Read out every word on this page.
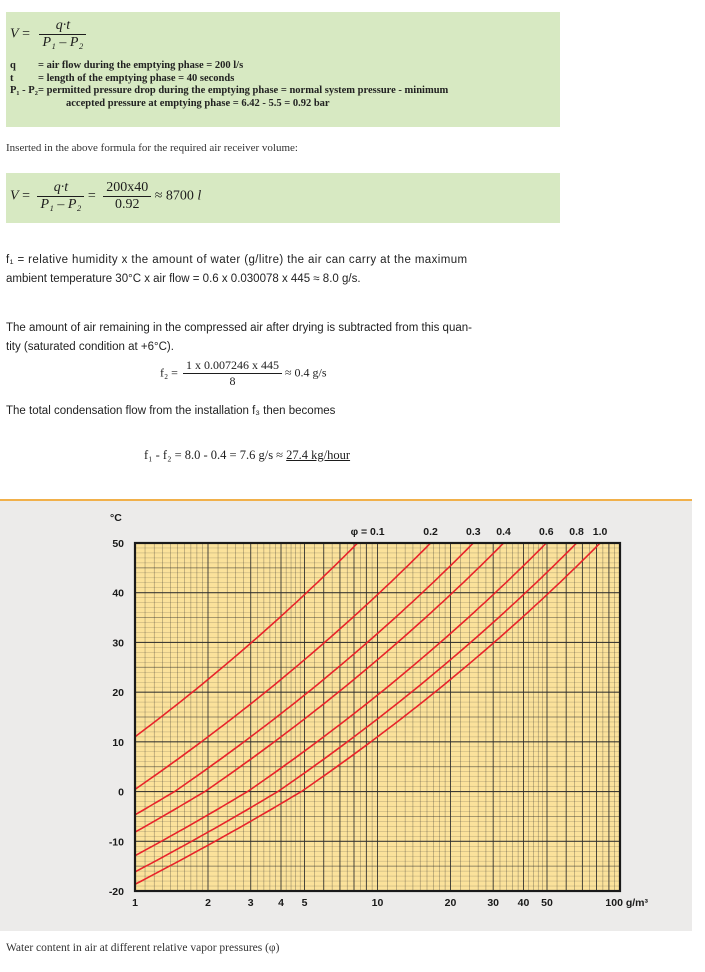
$V = \frac{q\cdot t}{\text{P₁ – P₂}}$
q = air flow during the emptying phase = 200 l/s
t = length of the emptying phase = 40 seconds
P₁ - P₂= permitted pressure drop during the emptying phase = normal system pressure - minimum
accepted pressure at emptying phase = 6.42 - 5.5 = 0.92 bar
Inserted in the above formula for the required air receiver volume:
$V = \frac{q\cdot t}{\text{P₁ – P₂}} = \frac{200x40}{0.92} \approx 8700$ l
f₁ = relative humidity x the amount of water (g/litre) the air can carry at the maximum
ambient temperature 30°C x air flow = 0.6 x 0.030078 x 445 ≈ 8.0 g/s.
The amount of air remaining in the compressed air after drying is subtracted from this quan-
tity (saturated condition at +6°C).
$f_2 = \frac{1 x 0.007246 x 445}{8} \approx 0.4$ g/s
The total condensation flow from the installation f₃ then becomes
f₁ - f₂ = 8.0 - 0.4 = 7.6 g/s ≈ 27.4 kg/hour
50
40
30
20
10
0
-10
-20
°C
1	2	3 4 5	10	20	30 40 50	100 g/m³
φ = 0.1	0.2	0.3 0.4	0.6 0.8 1.0
Water content in air at different relative vapor pressures (φ)
